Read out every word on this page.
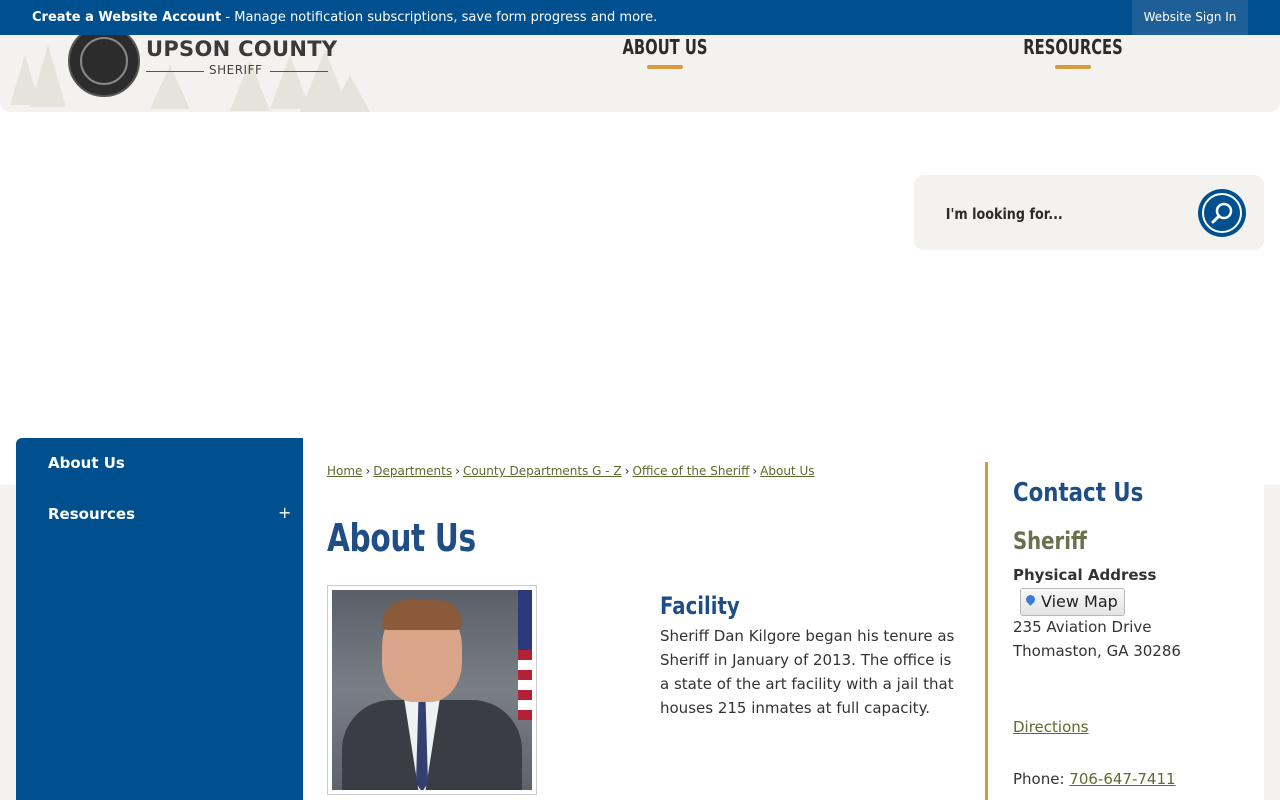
Create a Website Account - Manage notification subscriptions, save form progress and more.	Website Sign In
UPSON COUNTY
SHERIFF
ABOUT US	RESOURCES
I'm looking for...
About Us
Resources	+
Home › Departments › County Departments G - Z › Office of the Sheriff › About Us
About Us
Facility
Sheriff Dan Kilgore began his tenure as Sheriff in January of 2013. The office is a state of the art facility with a jail that houses 215 inmates at full capacity.
Contact Us
Sheriff
Physical Address
View Map
235 Aviation Drive
Thomaston, GA 30286
Directions
Phone: 706-647-7411
